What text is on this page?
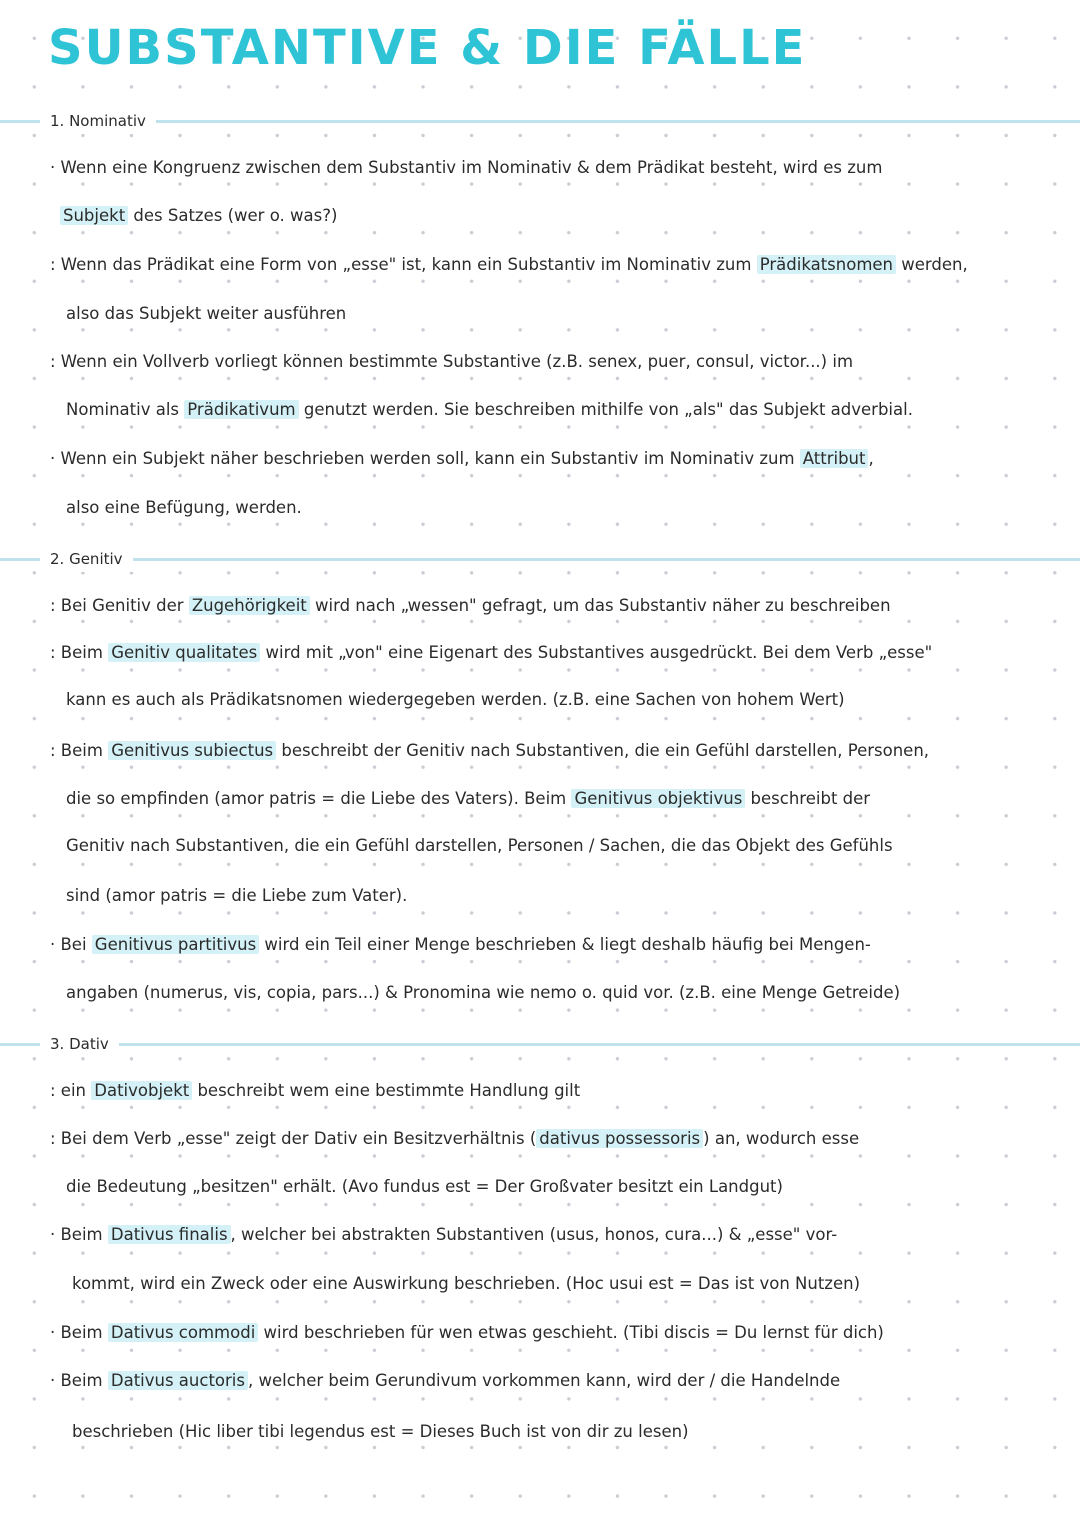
SUBSTANTIVE & DIE FÄLLE
1. Nominativ
· Wenn eine Kongruenz zwischen dem Substantiv im Nominativ & dem Prädikat besteht, wird es zum
Subjekt des Satzes (wer o. was?)
: Wenn das Prädikat eine Form von „esse" ist, kann ein Substantiv im Nominativ zum Prädikatsnomen werden,
also das Subjekt weiter ausführen
: Wenn ein Vollverb vorliegt können bestimmte Substantive (z.B. senex, puer, consul, victor...) im
Nominativ als Prädikativum genutzt werden. Sie beschreiben mithilfe von „als" das Subjekt adverbial.
· Wenn ein Subjekt näher beschrieben werden soll, kann ein Substantiv im Nominativ zum Attribut ,
also eine Befügung, werden.
2. Genitiv
: Bei Genitiv der Zugehörigkeit wird nach „wessen" gefragt, um das Substantiv näher zu beschreiben
: Beim Genitiv qualitates wird mit „von" eine Eigenart des Substantives ausgedrückt. Bei dem Verb „esse"
kann es auch als Prädikatsnomen wiedergegeben werden. (z.B. eine Sachen von hohem Wert)
: Beim Genitivus subiectus beschreibt der Genitiv nach Substantiven, die ein Gefühl darstellen, Personen,
die so empfinden (amor patris = die Liebe des Vaters). Beim Genitivus objektivus beschreibt der
Genitiv nach Substantiven, die ein Gefühl darstellen, Personen / Sachen, die das Objekt des Gefühls
sind (amor patris = die Liebe zum Vater).
· Bei Genitivus partitivus wird ein Teil einer Menge beschrieben & liegt deshalb häufig bei Mengen-
angaben (numerus, vis, copia, pars...) & Pronomina wie nemo o. quid vor. (z.B. eine Menge Getreide)
3. Dativ
: ein Dativobjekt beschreibt wem eine bestimmte Handlung gilt
: Bei dem Verb „esse" zeigt der Dativ ein Besitzverhältnis ( dativus possessoris ) an, wodurch esse
die Bedeutung „besitzen" erhält. (Avo fundus est = Der Großvater besitzt ein Landgut)
· Beim Dativus finalis , welcher bei abstrakten Substantiven (usus, honos, cura...) & „esse" vor-
kommt, wird ein Zweck oder eine Auswirkung beschrieben. (Hoc usui est = Das ist von Nutzen)
· Beim Dativus commodi wird beschrieben für wen etwas geschieht. (Tibi discis = Du lernst für dich)
· Beim Dativus auctoris , welcher beim Gerundivum vorkommen kann, wird der / die Handelnde
beschrieben (Hic liber tibi legendus est = Dieses Buch ist von dir zu lesen)
